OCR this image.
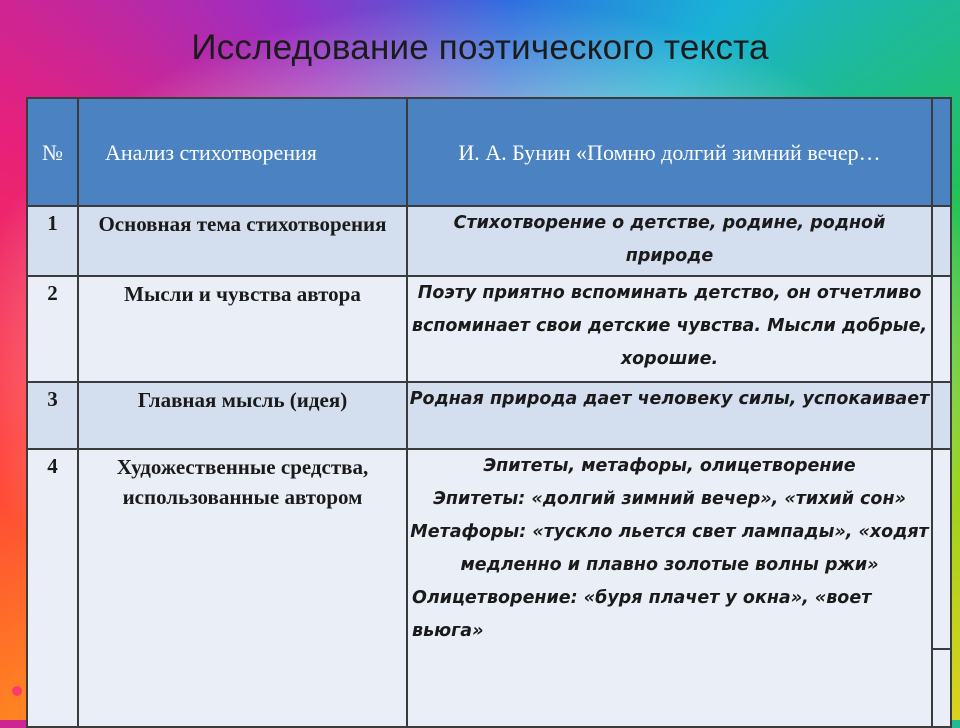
Исследование поэтического текста
№	Анализ стихотворения	И. А. Бунин «Помню долгий зимний вечер…	
1	Основная тема стихотворения	Стихотворение о детстве, родине, родной природе	

2	Мысли и чувства автора	Поэту приятно вспоминать детство, он отчетливо вспоминает свои детские чувства. Мысли добрые, хорошие.	

3	Главная мысль (идея)	Родная природа дает человеку силы, успокаивает	

4	Художественные средства, использованные автором	Эпитеты, метафоры, олицетворение
Эпитеты: «долгий зимний вечер», «тихий сон»
Метафоры: «тускло льется свет лампады», «ходят медленно и плавно золотые волны ржи»
Олицетворение: «буря плачет у окна», «воет вьюга»	
